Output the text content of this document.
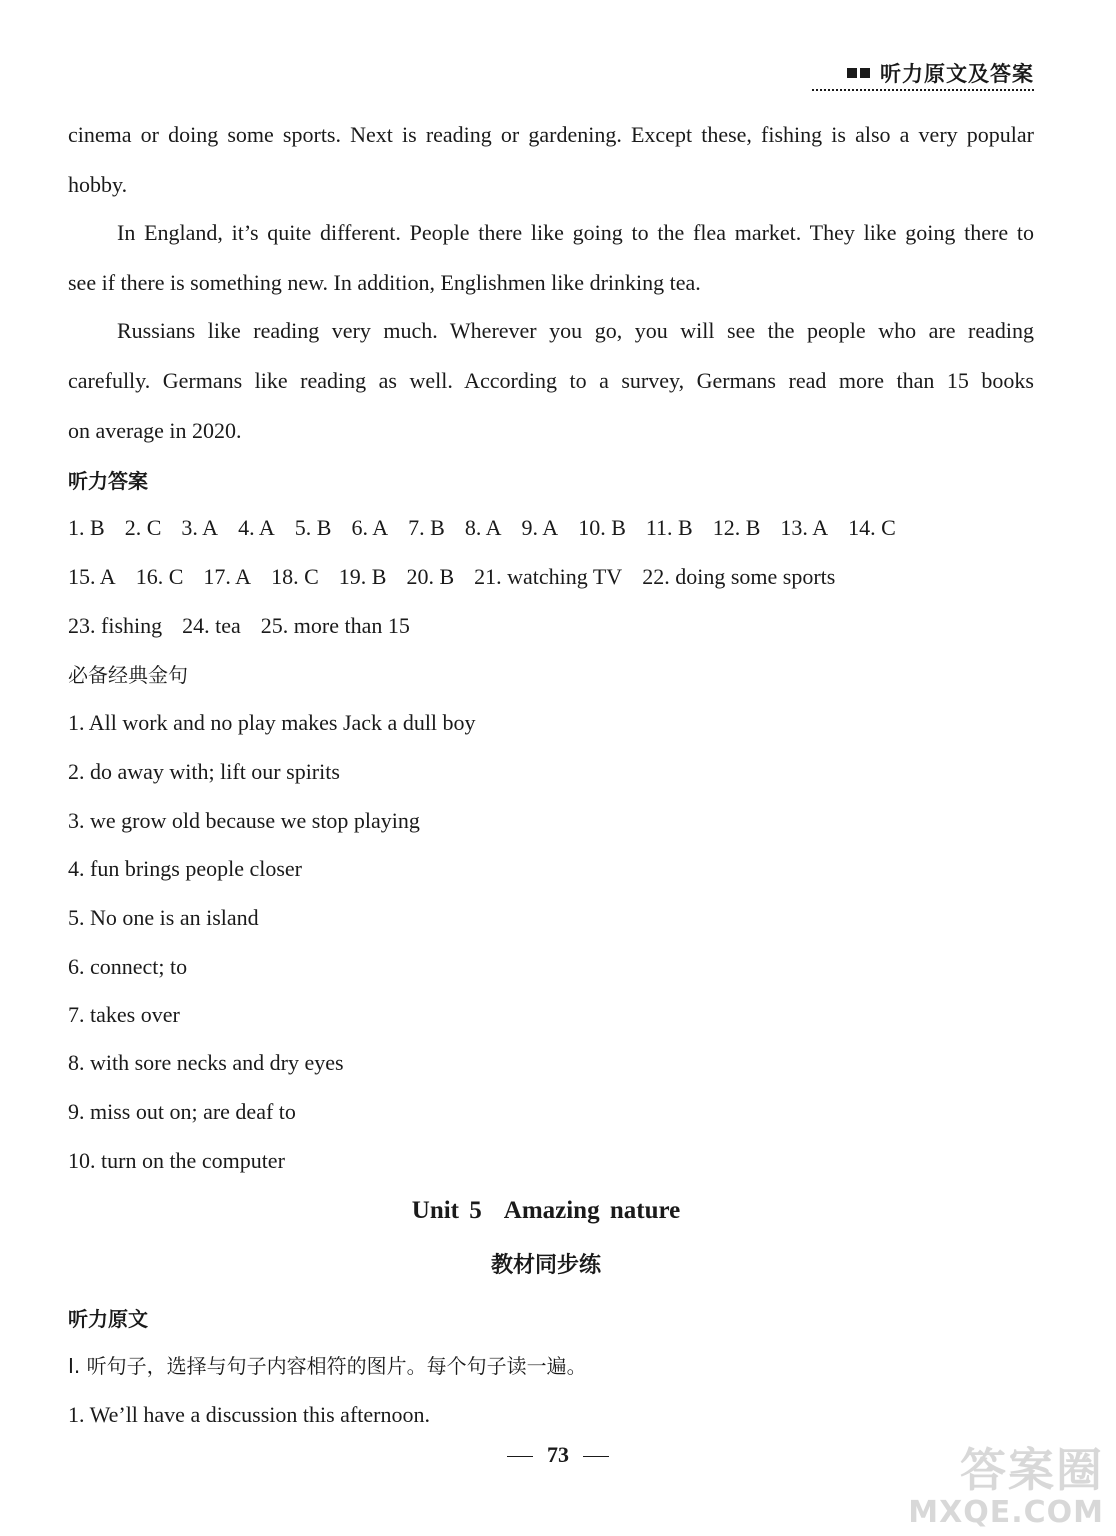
听力原文及答案
cinema or doing some sports. Next is reading or gardening. Except these, fishing is also a very popular
hobby.
In England, it’s quite different. People there like going to the flea market. They like going there to
see if there is something new. In addition, Englishmen like drinking tea.
Russians like reading very much. Wherever you go, you will see the people who are reading
carefully. Germans like reading as well. According to a survey, Germans read more than 15 books
on average in 2020.
听力答案
1. B 2. C 3. A 4. A 5. B 6. A 7. B 8. A 9. A 10. B 11. B 12. B 13. A 14. C
15. A 16. C 17. A 18. C 19. B 20. B 21. watching TV 22. doing some sports
23. fishing 24. tea 25. more than 15
必备经典金句
1. All work and no play makes Jack a dull boy
2. do away with; lift our spirits
3. we grow old because we stop playing
4. fun brings people closer
5. No one is an island
6. connect; to
7. takes over
8. with sore necks and dry eyes
9. miss out on; are deaf to
10. turn on the computer
Unit 5 Amazing nature
教材同步练
听力原文
Ⅰ. 听句子，选择与句子内容相符的图片。每个句子读一遍。
1. We’ll have a discussion this afternoon.
73	答案圈
MXQE.COM
